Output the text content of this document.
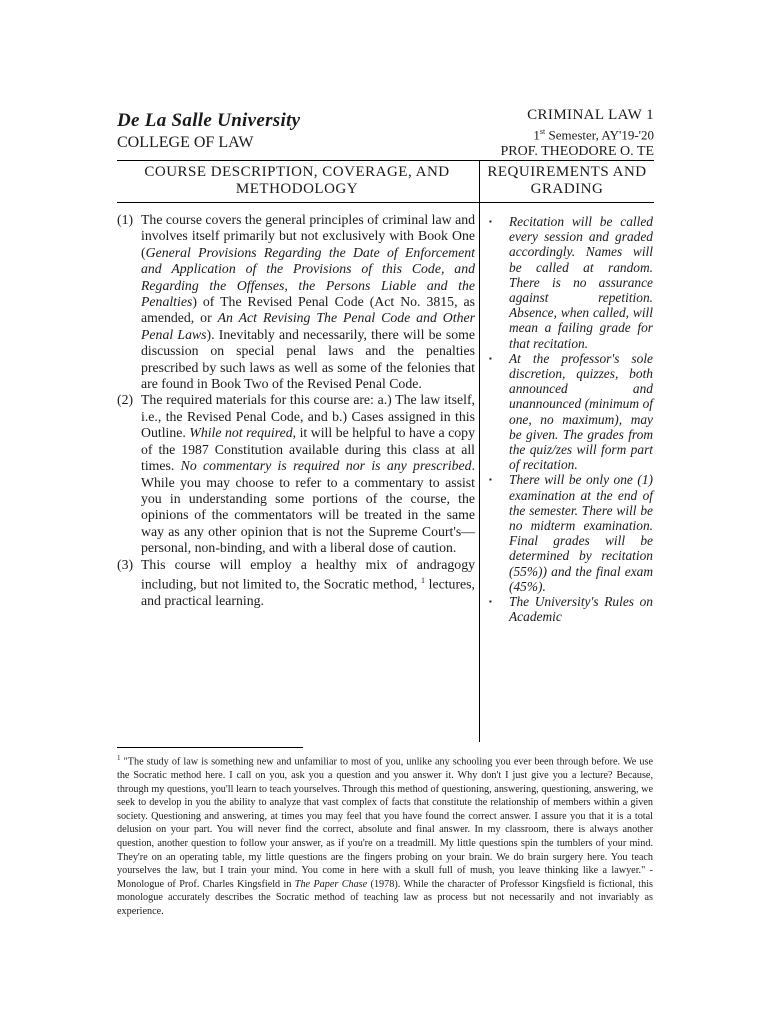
De La Salle University
COLLEGE OF LAW
CRIMINAL LAW 1
1st Semester, AY'19-'20
PROF. THEODORE O. TE
COURSE DESCRIPTION, COVERAGE, AND METHODOLOGY
REQUIREMENTS AND GRADING
(1) The course covers the general principles of criminal law and involves itself primarily but not exclusively with Book One (General Provisions Regarding the Date of Enforcement and Application of the Provisions of this Code, and Regarding the Offenses, the Persons Liable and the Penalties) of The Revised Penal Code (Act No. 3815, as amended, or An Act Revising The Penal Code and Other Penal Laws). Inevitably and necessarily, there will be some discussion on special penal laws and the penalties prescribed by such laws as well as some of the felonies that are found in Book Two of the Revised Penal Code.
(2) The required materials for this course are: a.) The law itself, i.e., the Revised Penal Code, and b.) Cases assigned in this Outline. While not required, it will be helpful to have a copy of the 1987 Constitution available during this class at all times. No commentary is required nor is any prescribed. While you may choose to refer to a commentary to assist you in understanding some portions of the course, the opinions of the commentators will be treated in the same way as any other opinion that is not the Supreme Court's—personal, non-binding, and with a liberal dose of caution.
(3) This course will employ a healthy mix of andragogy including, but not limited to, the Socratic method, $^1$ lectures, and practical learning.
▪	Recitation will be called every session and graded accordingly. Names will be called at random. There is no assurance against repetition. Absence, when called, will mean a failing grade for that recitation.
▪	At the professor's sole discretion, quizzes, both announced and unannounced (minimum of one, no maximum), may be given. The grades from the quiz/zes will form part of recitation.
▪	There will be only one (1) examination at the end of the semester. There will be no midterm examination. Final grades will be determined by recitation (55%)) and the final exam (45%).
▪	The University's Rules on Academic
$^1$ "The study of law is something new and unfamiliar to most of you, unlike any schooling you ever been through before. We use the Socratic method here. I call on you, ask you a question and you answer it. Why don't I just give you a lecture? Because, through my questions, you'll learn to teach yourselves. Through this method of questioning, answering, questioning, answering, we seek to develop in you the ability to analyze that vast complex of facts that constitute the relationship of members within a given society. Questioning and answering, at times you may feel that you have found the correct answer. I assure you that it is a total delusion on your part. You will never find the correct, absolute and final answer. In my classroom, there is always another question, another question to follow your answer, as if you're on a treadmill. My little questions spin the tumblers of your mind. They're on an operating table, my little questions are the fingers probing on your brain. We do brain surgery here. You teach yourselves the law, but I train your mind. You come in here with a skull full of mush, you leave thinking like a lawyer." - Monologue of Prof. Charles Kingsfield in The Paper Chase (1978). While the character of Professor Kingsfield is fictional, this monologue accurately describes the Socratic method of teaching law as process but not necessarily and not invariably as experience.
